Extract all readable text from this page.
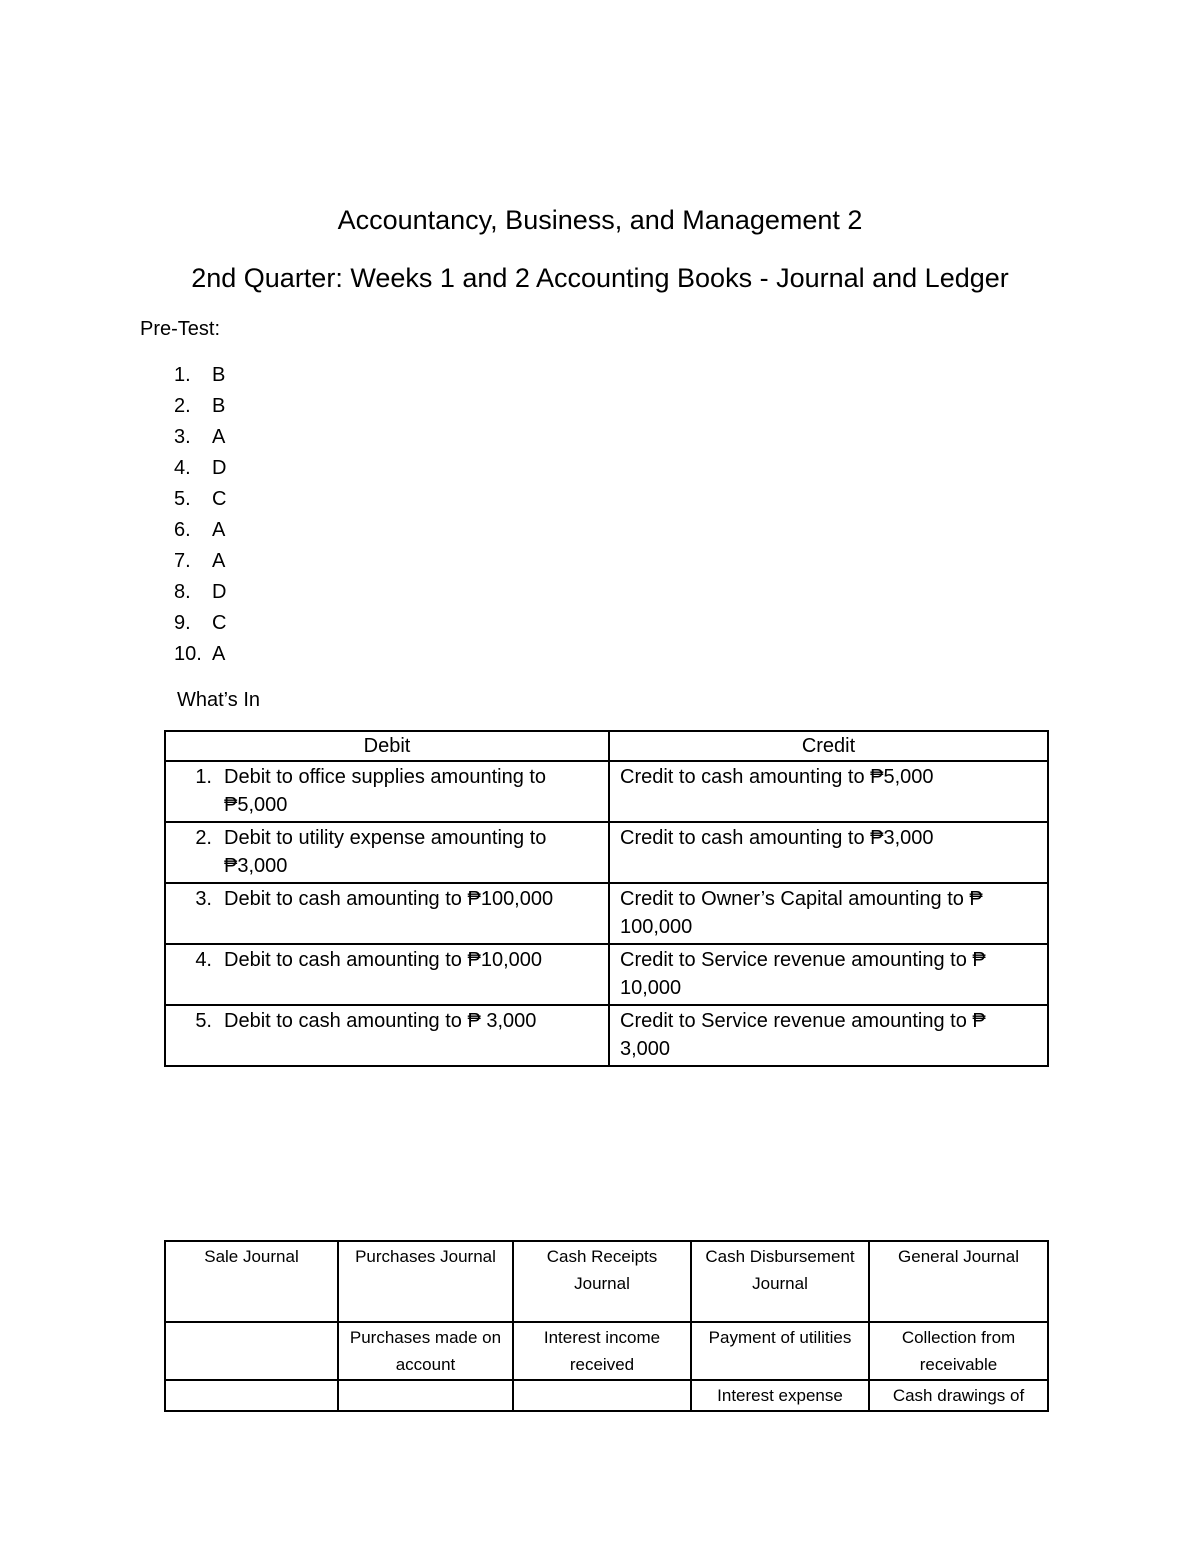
Accountancy, Business, and Management 2
2nd Quarter: Weeks 1 and 2 Accounting Books - Journal and Ledger
Pre-Test:
1.	B
2.	B
3.	A
4.	D
5.	C
6.	A
7.	A
8.	D
9.	C
10. A
What’s In
Debit	Credit

1. Debit to office supplies amounting to ₱5,000	Credit to cash amounting to ₱5,000

2. Debit to utility expense amounting to ₱3,000	Credit to cash amounting to ₱3,000

3. Debit to cash amounting to ₱100,000	Credit to Owner’s Capital amounting to ₱ 100,000

4. Debit to cash amounting to ₱10,000	Credit to Service revenue amounting to ₱ 10,000

5. Debit to cash amounting to ₱ 3,000	Credit to Service revenue amounting to ₱ 3,000
Sale Journal	Purchases Journal	Cash Receipts Journal	Cash Disbursement Journal	General Journal
	Purchases made on account	Interest income received	Payment of utilities	Collection from receivable
			Interest expense	Cash drawings of
